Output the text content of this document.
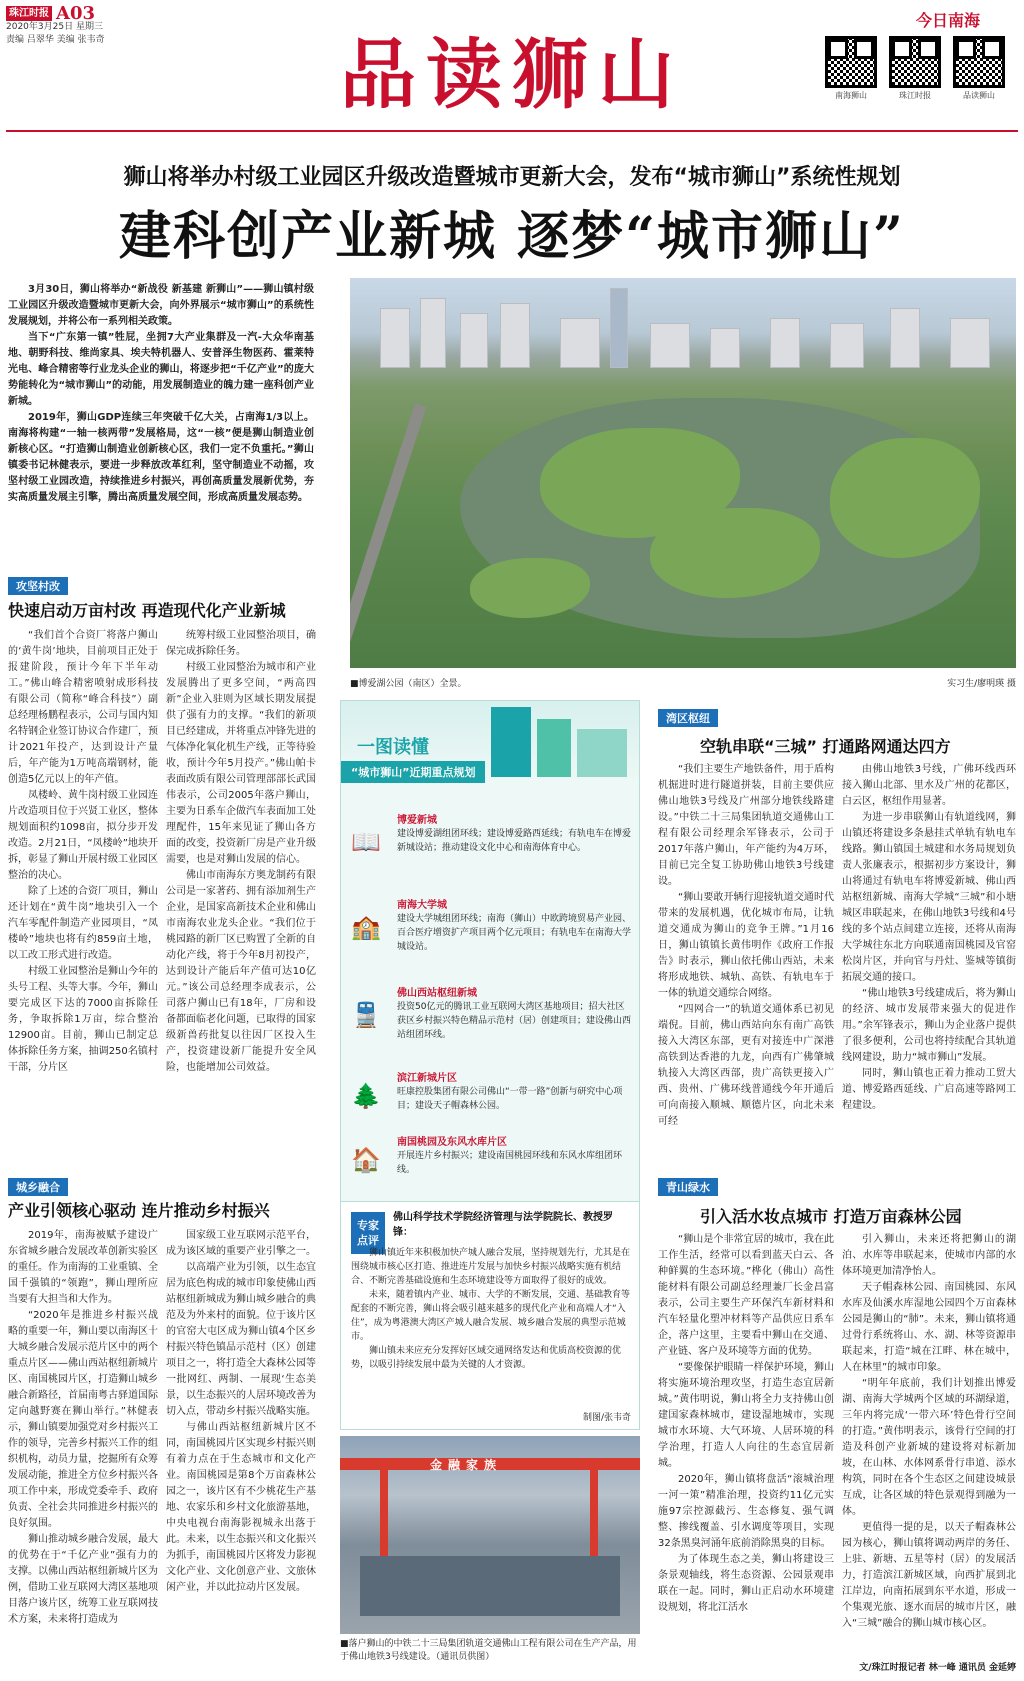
珠江时报 A03
2020年3月25日 星期三
责编 吕翠华 美编 张韦奇	品读狮山
今日南海
南海狮山	珠江时报	品读狮山
狮山将举办村级工业园区升级改造暨城市更新大会，发布“城市狮山”系统性规划
建科创产业新城 逐梦“城市狮山”

3月30日，狮山将举办“新战役 新基建 新狮山”——狮山镇村级工业园区升级改造暨城市更新大会，向外界展示“城市狮山”的系统性发展规划，并将公布一系列相关政策。

当下“广东第一镇”牲屁，坐拥7大产业集群及一汽-大众华南基地、朝野科技、维尚家具、埃夫特机器人、安普泽生物医药、霍莱特光电、峰合精密等行业龙头企业的狮山，将逐步把“千亿产业”的庞大势能转化为“城市狮山”的动能，用发展制造业的魄力建一座科创产业新城。

2019年，狮山GDP连续三年突破千亿大关，占南海1/3以上。南海将构建“一轴一核两带”发展格局，这“一核”便是狮山制造业创新核心区。“打造狮山制造业创新核心区，我们一定不负重托。”狮山镇委书记林健表示，要进一步释放改革红利，坚守制造业不动摇，攻坚村级工业园改造，持续推进乡村振兴，再创高质量发展新优势，夯实高质量发展主引擎，腾出高质量发展空间，形成高质量发展态势。

■博爱湖公园（南区）全景。	实习生/廖明瑛 摄
攻坚村改
快速启动万亩村改 再造现代化产业新城

“我们首个合资厂将落户狮山的‘黄牛岗’地块，目前项目正处于报建阶段，预计今年下半年动工。”佛山峰合精密喷射成形科技有限公司（简称“峰合科技”）副总经理杨鹏程表示，公司与国内知名特钢企业签订协议合作建厂，预计2021年投产，达到设计产量后，年产能为1万吨高端钢材，能创造5亿元以上的年产值。

凤楼岭、黄牛岗村级工业园连片改造项目位于兴贤工业区，整体规划面积约1098亩，拟分步开发改造。2月21日，“凤楼岭”地块开拆，彰显了狮山开展村级工业园区整治的决心。

除了上述的合资厂项目，狮山还计划在“黄牛岗”地块引入一个汽车零配件制造产业园项目，“凤楼岭”地块也将有约859亩土地，以工改工形式进行改造。

村级工业园整治是狮山今年的头号工程、头等大事。今年，狮山要完成区下达的7000亩拆除任务，争取拆除1万亩，综合整治12900亩。目前，狮山已制定总体拆除任务方案，抽调250名镇村干部，分片区

统筹村级工业园整治项目，确保完成拆除任务。

村级工业园整治为城市和产业发展腾出了更多空间，“两高四新”企业入驻则为区域长期发展提供了强有力的支撑。“我们的新项目已经建成，并将重点冲锋先进的气体净化氧化机生产线，正等待验收，预计今年5月投产。”佛山帕卡表面改质有限公司管理部部长武国伟表示，公司2005年落户狮山，主要为日系车企做汽车表面加工处理配件，15年来见证了狮山各方面的改变，投资新厂房是产业升级需要，也是对狮山发展的信心。

佛山市南海东方奥龙制药有限公司是一家著药、拥有添加剂生产企业，是国家高新技术企业和佛山市南海农业龙头企业。“我们位于桃园路的新厂区已购置了全新的自动化产线，将于今年8月初投产，达到设计产能后年产值可达10亿元。”该公司总经理李成表示，公司落户狮山已有18年，厂房和设备都面临老化问题，已取得的国家级新兽药批复以往因厂区投入生产，投资建设新厂能提升安全风险，也能增加公司效益。

城乡融合
产业引领核心驱动 连片推动乡村振兴

2019年，南海被赋予建设广东省城乡融合发展改革创新实验区的重任。作为南海的工业重镇、全国千强镇的“领跑”，狮山理所应当要有大担当和大作为。

“2020年是推进乡村振兴战略的重要一年，狮山要以南海区十大城乡融合发展示范片区中的两个重点片区——佛山西站枢纽新城片区、南国桃园片区，打造狮山城乡融合新路径，首届南粤古驿道国际定向越野赛在狮山举行。”林健表示，狮山镇要加强党对乡村振兴工作的领导，完善乡村振兴工作的组织机构，动员力量，挖掘所有众筹发展动能，推进全方位乡村振兴各项工作中来，形成党委牵手、政府负责、全社会共同推进乡村振兴的良好氛围。

狮山推动城乡融合发展，最大的优势在于“千亿产业”强有力的支撑。以佛山西站枢纽新城片区为例，借助工业互联网大湾区基地项目落户该片区，统筹工业互联网技术方案，未来将打造成为

国家级工业互联网示范平台，成为该区域的重要产业引擎之一。

以高端产业为引领，以生态宜居为底色构成的城市印象使佛山西站枢纽新城成为狮山城乡融合的典范及为外来村的面貌。位于该片区的官窑大屯区成为狮山镇4个区乡村振兴特色镇品示范村（区）创建项目之一，将打造全大森林公园等一批网红、两制、一展现‘生态美景，以生态振兴的人居环境改善为切入点，带动乡村振兴战略实施。

与佛山西站枢纽新城片区不同，南国桃园片区实现乡村振兴则有着力点在于生态城市和文化产业。南国桃园是第8个万亩森林公园之一，该片区有不少桃花生产基地、农家乐和乡村文化旅游基地，中央电视台南海影视城永出落于此。未来，以生态振兴和文化振兴为抓手，南国桃园片区将发力影视文化产业、文化创意产业、文旅休闲产业，并以此拉动片区发展。

一图读懂
“城市狮山”近期重点规划
📖
博爱新城
建设博爱湖组团环线；建设博爱路西延线；有轨电车在博爱新城设站；推动建设文化中心和南海体育中心。
🏫
南海大学城
建设大学城组团环线；南海（狮山）中欧跨境贸易产业园、百合医疗增资扩产项目两个亿元项目；有轨电车在南海大学城设站。
🚆
佛山西站枢纽新城
投资50亿元的腾讯工业互联网大湾区基地项目；招大社区获区乡村振兴特色精品示范村（居）创建项目；建设佛山西站组团环线。
🌲
滨江新城片区
旺康控股集团有限公司佛山“一带一路”创新与研究中心项目；建设天子帽森林公园。
🏠
南国桃园及东风水库片区
开展连片乡村振兴；建设南国桃园环线和东风水库组团环线。
专家点评
佛山科学技术学院经济管理与法学院院长、教授罗锋：

狮山镇近年来积极加快产城人融合发展，坚持规划先行，尤其是在围绕城市核心区打造、推进连片发展与加快乡村振兴战略实施有机结合、不断完善基础设施和生态环境建设等方面取得了很好的成效。

未来，随着镇内产业、城市、大学的不断发展，交通、基础教育等配套的不断完善，狮山将会吸引越来越多的现代化产业和高端人才“入住”，成为粤港澳大湾区产城人融合发展、城乡融合发展的典型示范城市。

狮山镇未来应充分发挥好区域交通网络发达和优质高校资源的优势，以吸引持续发展中最为关键的人才资源。

制图/张韦奇
金融家族
■落户狮山的中铁二十三局集团轨道交通佛山工程有限公司在生产产品，用于佛山地铁3号线建设。（通讯员供图）
湾区枢纽
空轨串联“三城” 打通路网通达四方

“我们主要生产地铁备件，用于盾构机掘进时进行隧道拼装，目前主要供应佛山地铁3号线及广州部分地铁线路建设。”中铁二十三局集团轨道交通佛山工程有限公司经理余军锋表示，公司于2017年落户狮山，年产能约为4万环，目前已完全复工协助佛山地铁3号线建设。

“狮山要敢开辆行迎接轨道交通时代带来的发展机遇，优化城市布局，让轨道交通成为狮山的竞争王牌。”1月16日，狮山镇镇长黄伟明作《政府工作报告》时表示，狮山依托佛山西站，未来将形成地铁、城轨、高铁、有轨电车于一体的轨道交通综合网络。

“四网合一”的轨道交通体系已初见端倪。目前，佛山西站向东有南广高铁接入大湾区东部，更有对接连中广深港高铁到达香港的九龙，向西有广佛肇城轨接入大湾区西部，贵广高铁更接入广西、贵州、广佛环线普通线今年开通后可向南接入顺城、顺德片区，向北未来可经

由佛山地铁3号线，广佛环线西环接入狮山北部、里水及广州的花都区，白云区，枢纽作用显著。

为进一步串联狮山有轨道线网，狮山镇还将建设多条悬挂式单轨有轨电车线路。狮山镇国土城建和水务局规划负责人张廉表示，根据初步方案设计，狮山将通过有轨电车将博爱新城、佛山西站枢纽新城、南海大学城“三城”和小塘城区串联起来，在佛山地铁3号线和4号线的多个站点间建立连接，还将从南海大学城往东北方向联通南国桃园及官窑松岗片区，并向官与丹灶、鉴城等镇街拓展交通的接口。

“佛山地铁3号线建成后，将为狮山的经济、城市发展带来强大的促进作用。”余军锋表示，狮山为企业落户提供了很多便利，公司也将持续配合其轨道线网建设，助力“城市狮山”发展。

同时，狮山镇也正着力推动工贸大道、博爱路西延线、广启高速等路网工程建设。

青山绿水
引入活水妆点城市 打造万亩森林公园

“狮山是个非常宜居的城市，我在此工作生活，经常可以看到蓝天白云、各种鲜翼的生态环境。”桦化（佛山）高性能材料有限公司副总经理兼厂长金昌富表示，公司主要生产环保汽车新材料和汽车轻量化塑冲材料等产品供应日系车企，落户这里，主要看中狮山在交通、产业链、客户及环境等方面的优势。

“要像保护眼睛一样保护环境，狮山将实施环境治理攻坚，打造生态宜居新城。”黄伟明说，狮山将全力支持佛山创建国家森林城市，建设湿地城市，实现城市水环境、大气环境、人居环境的科学治理，打造人人向往的生态宜居新城。

2020年，狮山镇将盘活“滚城治理一河一策”精准治理，投资约11亿元实施97宗控源截污、生态修复、强气调整、掺线覆盖、引水调度等项目，实现32条黑臭河涌年底前消除黑臭的目标。

为了体现生态之美，狮山将建设三条景观轴线，将生态资源、公园景观串联在一起。同时，狮山正启动水环境建设规划，将北江活水

引入狮山，未来还将把狮山的湖泊、水库等串联起来，使城市内部的水体环境更加清净怡人。

天子帽森林公园、南国桃园、东风水库及仙溪水库湿地公园四个万亩森林公园是狮山的“肺”。未来，狮山镇将通过骨行系统将山、水、湖、林等资源串联起来，打造“城在江畔、林在城中，人在林里”的城市印象。

“明年年底前，我们计划推出博爱湖、南海大学城两个区域的环湖绿道，三年内将完成‘一带六环’特色骨行空间的打造。”黄伟明表示，该骨行空间的打造及科创产业新城的建设将对标新加坡，在山林、水体网系骨行串道、添水构筑，同时在各个生态区之间建设城景互成，让各区域的特色景观得到融为一体。

更值得一提的是，以天子帽森林公园为核心，狮山镇将调动两岸的务任、上驻、新塘、五星等村（居）的发展活力，打造滨江新城区域，向西扩展到北江岸边，向南拓展到东平水道，形成一个集观光旅、逐水而居的城市片区，融入“三城”融合的狮山城市核心区。

文/珠江时报记者 林一峰 通讯员 金延婷
